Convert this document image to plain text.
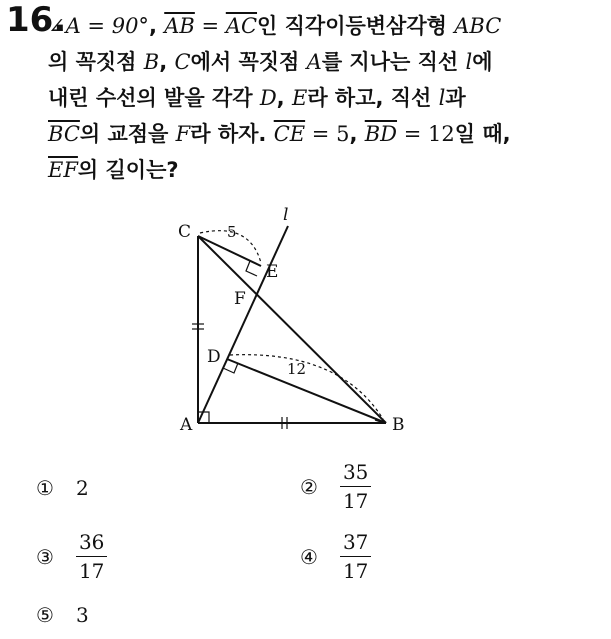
16.
∠A = 90°, $\overline{AB} = \overline{AC}$인 직각이등변삼각형 ABC
의 꼭짓점 B, C에서 꼭짓점 A를 지나는 직선 l에
내린 수선의 발을 각각 D, E라 하고, 직선 l과
$\overline{BC}$의 교점을 F라 하자. $\overline{CE} = 5$, $\overline{BD} = 12$일 때,
$\overline{EF}$의 길이는?
C
E
F
D
A	B
l
5
12
① 2	② $\frac{35}{17}$
③ $\frac{36}{17}$	④ $\frac{37}{17}$
⑤ 3
